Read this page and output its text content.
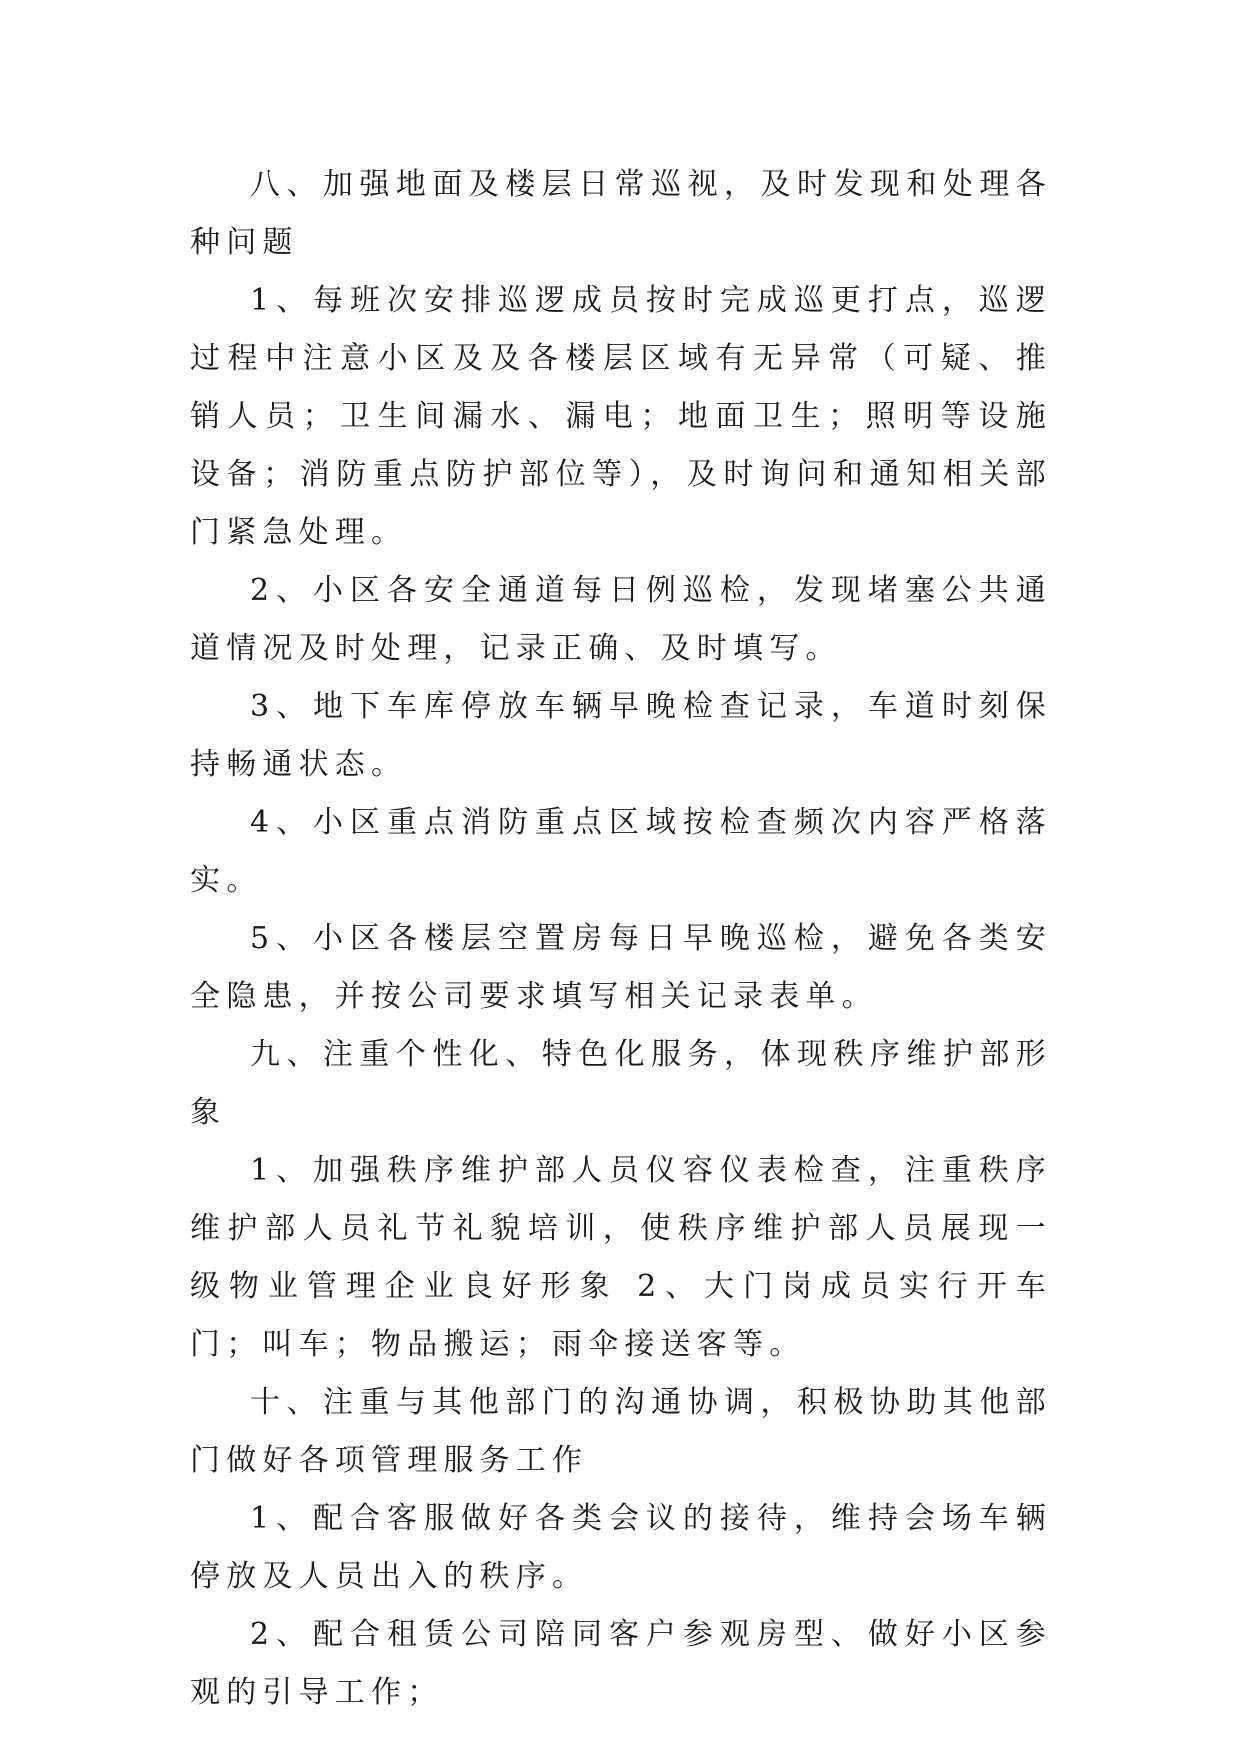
八、加强地面及楼层日常巡视，及时发现和处理各种问题

1、每班次安排巡逻成员按时完成巡更打点，巡逻过程中注意小区及及各楼层区域有无异常（可疑、推销人员；卫生间漏水、漏电；地面卫生；照明等设施设备；消防重点防护部位等），及时询问和通知相关部门紧急处理。

2、小区各安全通道每日例巡检，发现堵塞公共通道情况及时处理，记录正确、及时填写。

3、地下车库停放车辆早晚检查记录，车道时刻保持畅通状态。

4、小区重点消防重点区域按检查频次内容严格落实。

5、小区各楼层空置房每日早晚巡检，避免各类安全隐患，并按公司要求填写相关记录表单。

九、注重个性化、特色化服务，体现秩序维护部形象

1、加强秩序维护部人员仪容仪表检查，注重秩序维护部人员礼节礼貌培训，使秩序维护部人员展现一级物业管理企业良好形象 2、大门岗成员实行开车门；叫车；物品搬运；雨伞接送客等。

十、注重与其他部门的沟通协调，积极协助其他部门做好各项管理服务工作

1、配合客服做好各类会议的接待，维持会场车辆停放及人员出入的秩序。

2、配合租赁公司陪同客户参观房型、做好小区参观的引导工作；
